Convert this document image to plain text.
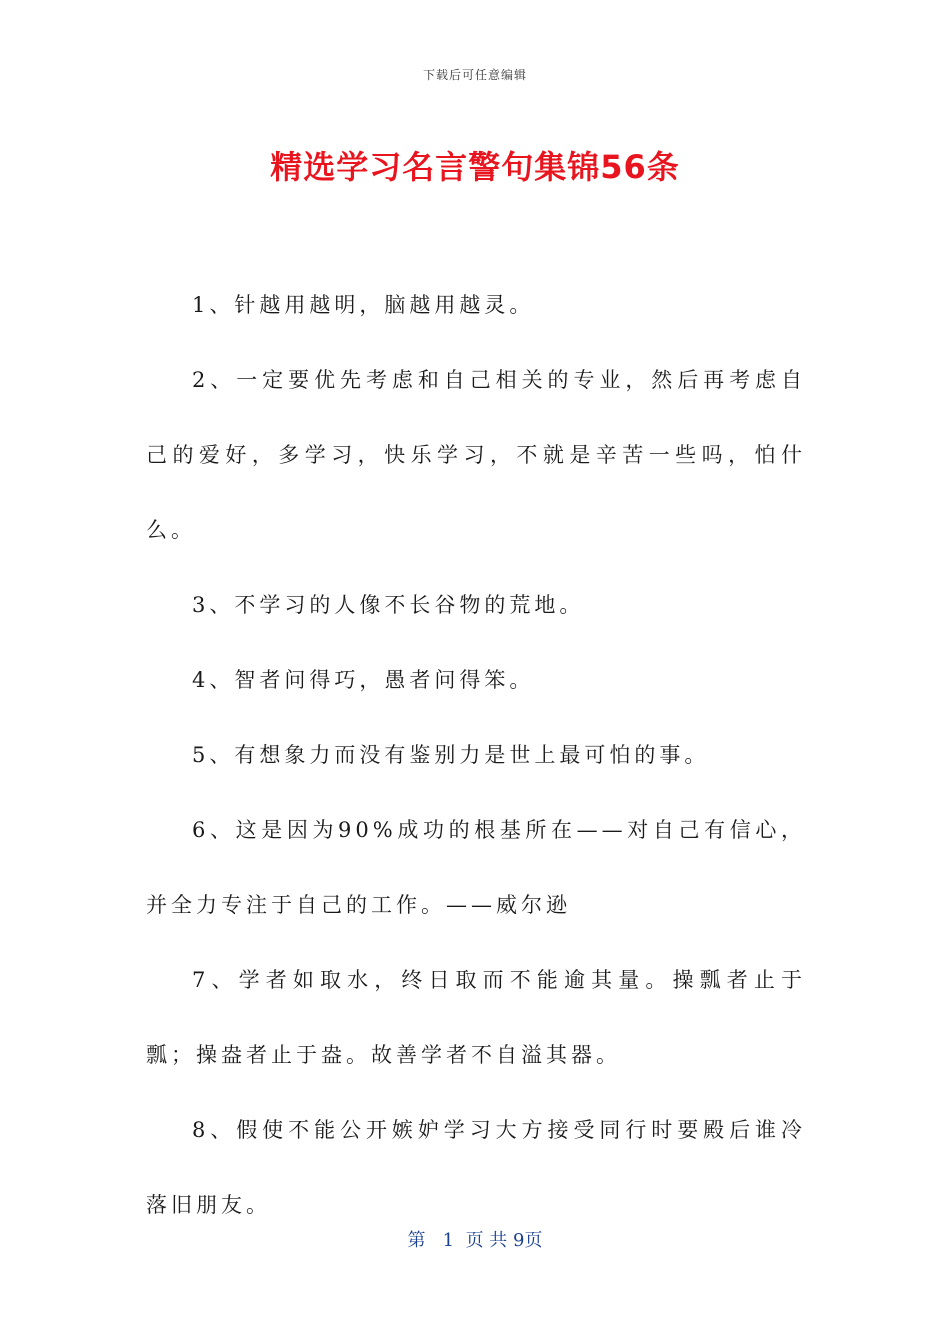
下载后可任意编辑
精选学习名言警句集锦56条

1、针越用越明，脑越用越灵。

2、一定要优先考虑和自己相关的专业，然后再考虑自己的爱好，多学习，快乐学习，不就是辛苦一些吗，怕什么。

3、不学习的人像不长谷物的荒地。

4、智者问得巧，愚者问得笨。

5、有想象力而没有鉴别力是世上最可怕的事。

6、这是因为90%成功的根基所在——对自己有信心，并全力专注于自己的工作。——威尔逊

7、学者如取水，终日取而不能逾其量。操瓢者止于瓢；操盎者止于盎。故善学者不自溢其器。

8、假使不能公开嫉妒学习大方接受同行时要殿后谁冷落旧朋友。

第 1 页 共 9页
